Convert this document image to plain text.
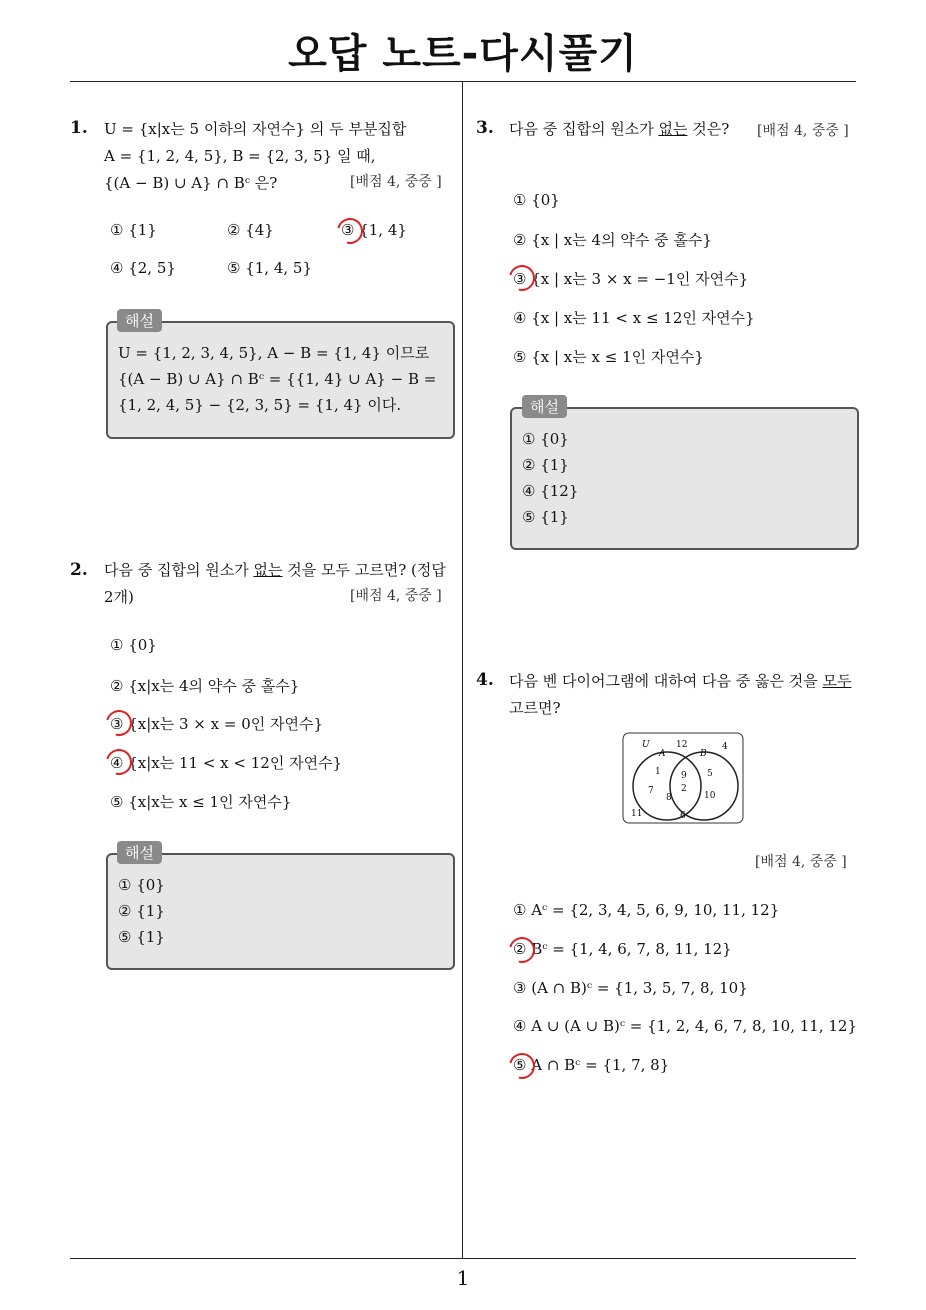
오답 노트-다시풀기
1. U = {x|x는 5 이하의 자연수} 의 두 부분집합
A = {1, 2, 4, 5}, B = {2, 3, 5} 일 때,
{(A − B) ∪ A} ∩ Bᶜ 은?	[배점 4, 중중 ]
① {1}	② {4}	③ {1, 4}
④ {2, 5}	⑤ {1, 4, 5}
U = {1, 2, 3, 4, 5}, A − B = {1, 4} 이므로
{(A − B) ∪ A} ∩ Bᶜ = {{1, 4} ∪ A} − B =
{1, 2, 4, 5} − {2, 3, 5} = {1, 4} 이다.
해설
2. 다음 중 집합의 원소가 없는 것을 모두 고르면? (정답
2개)	[배점 4, 중중 ]
① {0}
② {x|x는 4의 약수 중 홀수}
③ {x|x는 3 × x = 0인 자연수}
④ {x|x는 11 < x < 12인 자연수}
⑤ {x|x는 x ≤ 1인 자연수}
① {0}
② {1}
⑤ {1}
해설
3. 다음 중 집합의 원소가 없는 것은?	[배점 4, 중중 ]
① {0}
② {x | x는 4의 약수 중 홀수}
③ {x | x는 3 × x = −1인 자연수}
④ {x | x는 11 < x ≤ 12인 자연수}
⑤ {x | x는 x ≤ 1인 자연수}
① {0}
② {1}
④ {12}
⑤ {1}
해설
4. 다음 벤 다이어그램에 대하여 다음 중 옳은 것을 모두
고르면?
U
A	B
12	4
1 9 5
7	2
8	10
11	6
[배점 4, 중중 ]
① Aᶜ = {2, 3, 4, 5, 6, 9, 10, 11, 12}
② Bᶜ = {1, 4, 6, 7, 8, 11, 12}
③ (A ∩ B)ᶜ = {1, 3, 5, 7, 8, 10}
④ A ∪ (A ∪ B)ᶜ = {1, 2, 4, 6, 7, 8, 10, 11, 12}
⑤ A ∩ Bᶜ = {1, 7, 8}
1
